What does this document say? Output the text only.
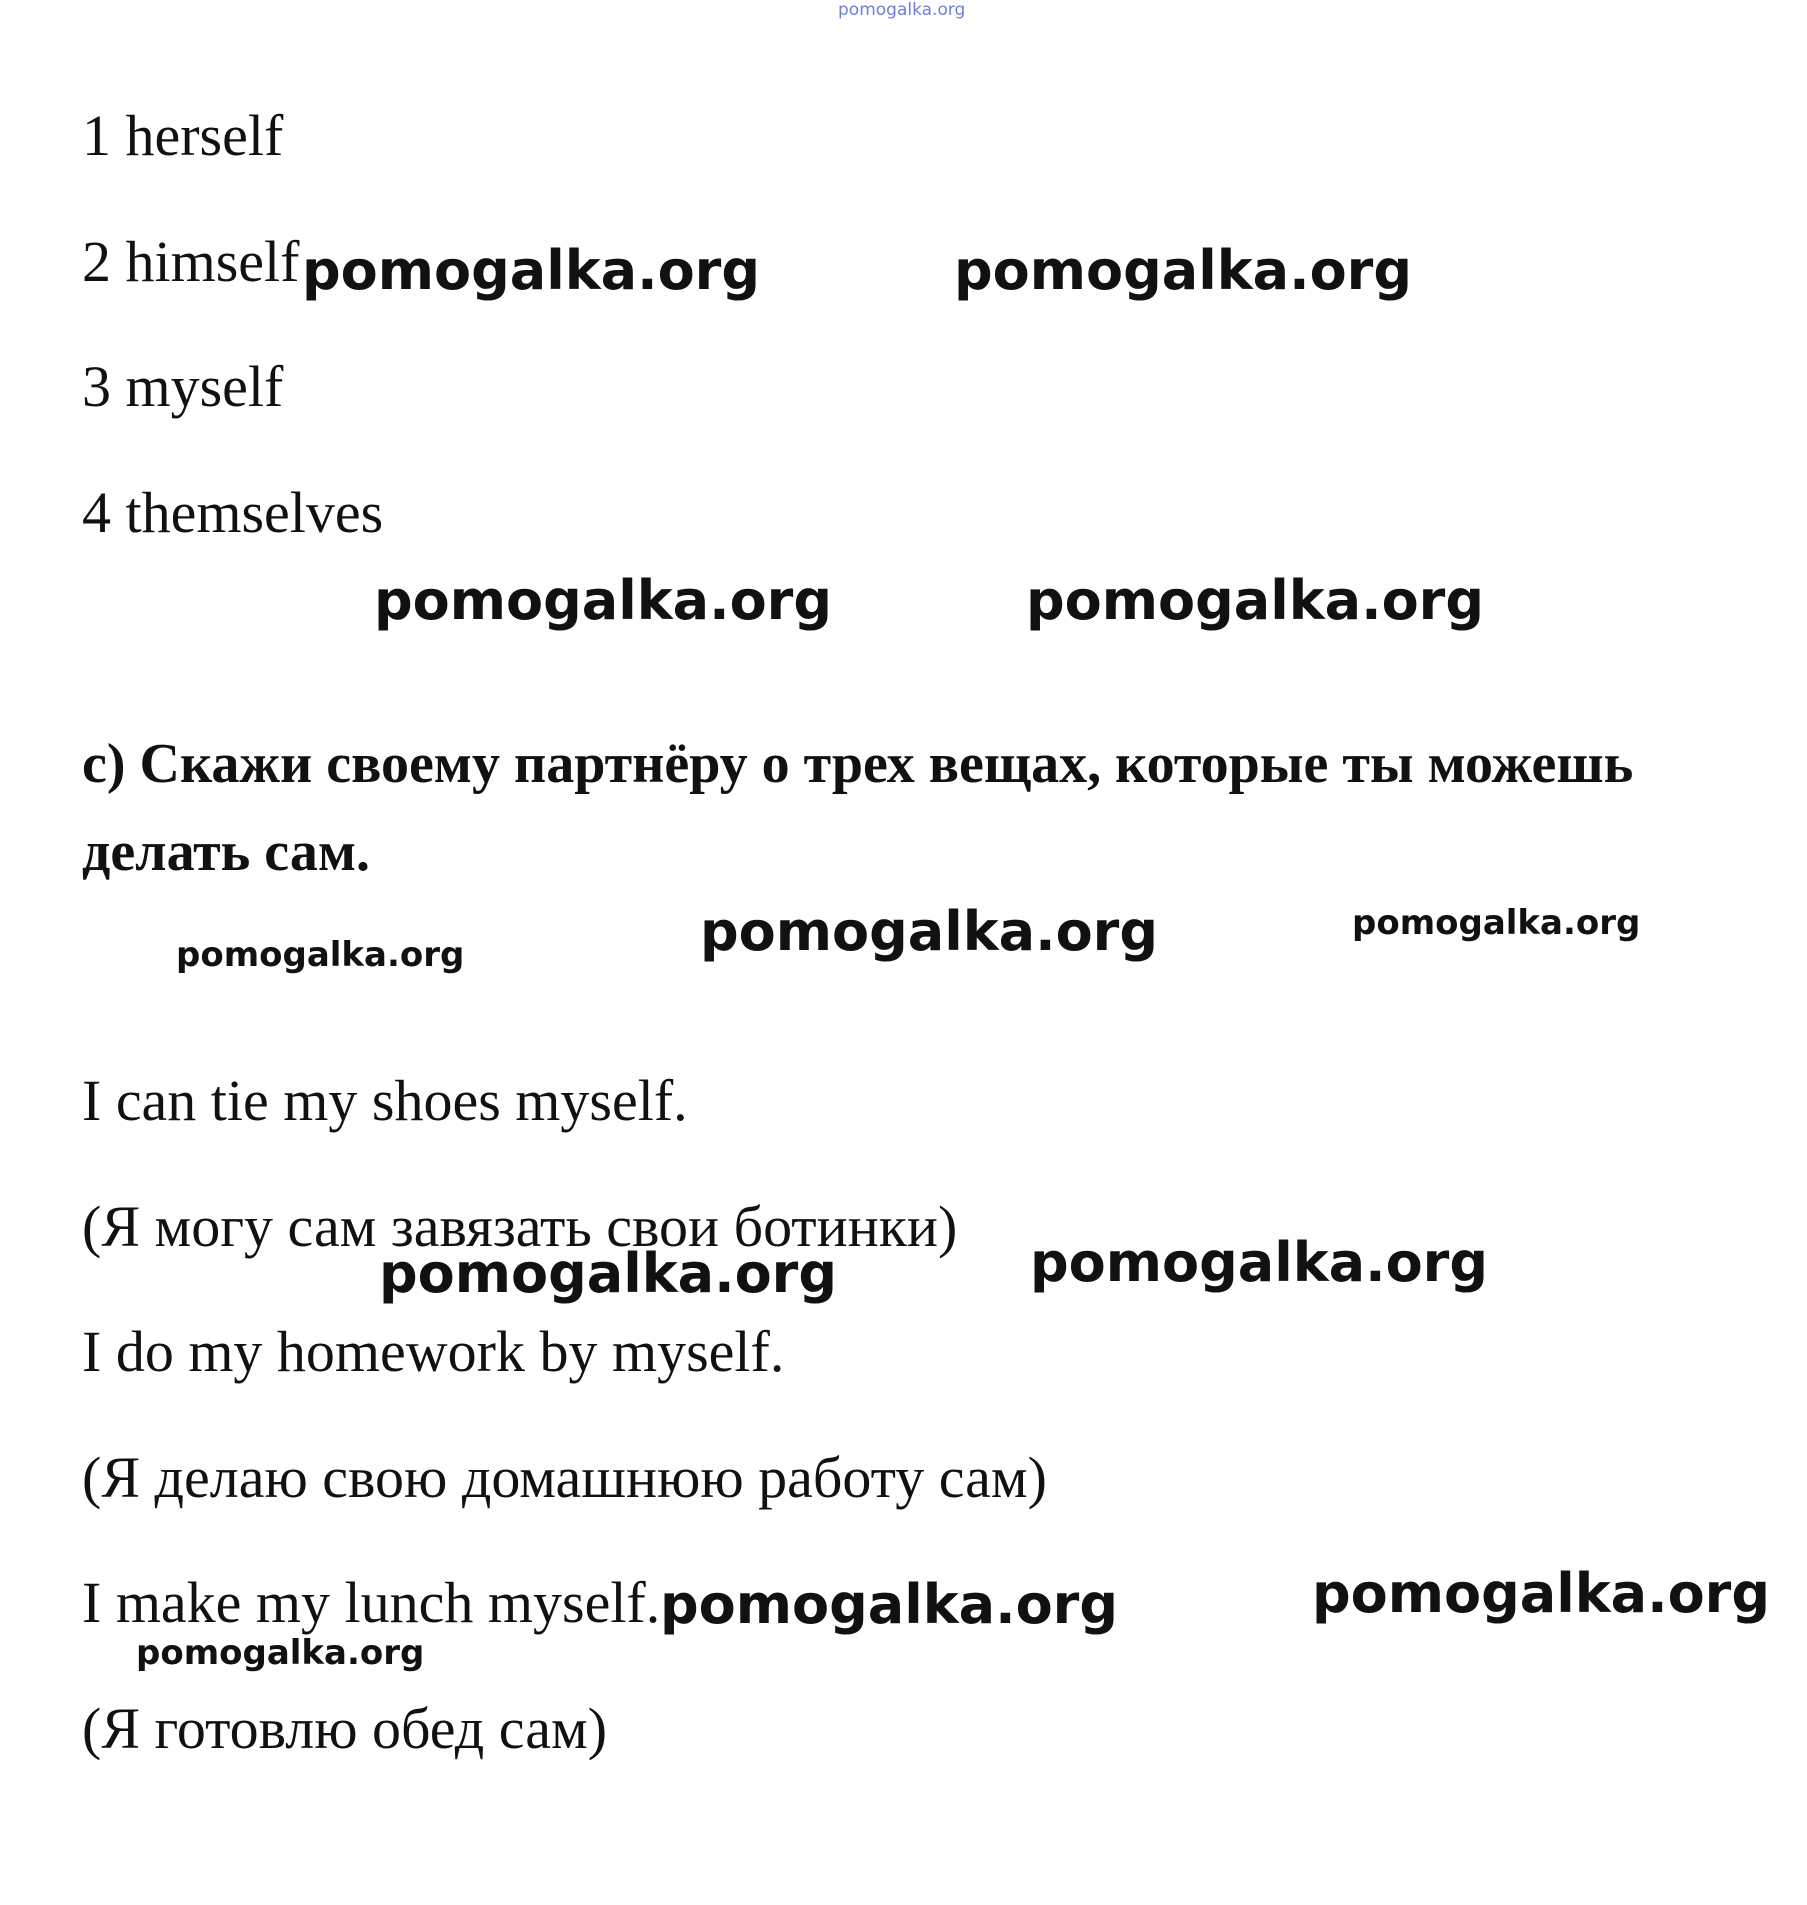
pomogalka.org
1 herself
2 himself
3 myself
4 themselves
c) Скажи своему партнёру о трех вещах, которые ты можешь делать сам.
I can tie my shoes myself.
(Я могу сам завязать свои ботинки)
I do my homework by myself.
(Я делаю свою домашнюю работу сам)
I make my lunch myself.
(Я готовлю обед сам)
pomogalka.org	pomogalka.org
pomogalka.org	pomogalka.org
pomogalka.org	pomogalka.org	pomogalka.org
pomogalka.org	pomogalka.org
pomogalka.org	pomogalka.org
pomogalka.org
